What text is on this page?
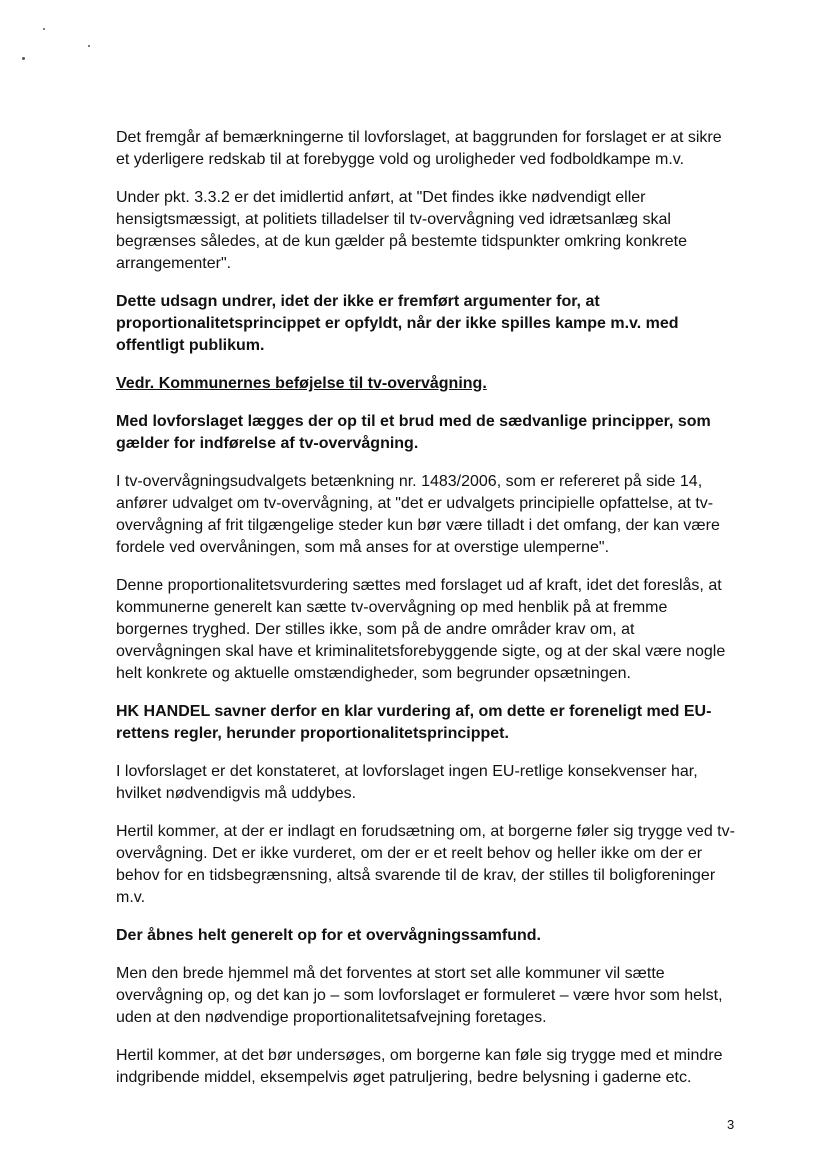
Det fremgår af bemærkningerne til lovforslaget, at baggrunden for forslaget er at sikre et yderligere redskab til at forebygge vold og uroligheder ved fodboldkampe m.v.

Under pkt. 3.3.2 er det imidlertid anført, at "Det findes ikke nødvendigt eller hensigtsmæssigt, at politiets tilladelser til tv-overvågning ved idrætsanlæg skal begrænses således, at de kun gælder på bestemte tidspunkter omkring konkrete arrangementer".

Dette udsagn undrer, idet der ikke er fremført argumenter for, at proportionalitetsprincippet er opfyldt, når der ikke spilles kampe m.v. med offentligt publikum.

Vedr. Kommunernes beføjelse til tv-overvågning.

Med lovforslaget lægges der op til et brud med de sædvanlige principper, som gælder for indførelse af tv-overvågning.

I tv-overvågningsudvalgets betænkning nr. 1483/2006, som er refereret på side 14, anfører udvalget om tv-overvågning, at "det er udvalgets principielle opfattelse, at tv-overvågning af frit tilgængelige steder kun bør være tilladt i det omfang, der kan være fordele ved overvåningen, som må anses for at overstige ulemperne".

Denne proportionalitetsvurdering sættes med forslaget ud af kraft, idet det foreslås, at kommunerne generelt kan sætte tv-overvågning op med henblik på at fremme borgernes tryghed. Der stilles ikke, som på de andre områder krav om, at overvågningen skal have et kriminalitetsforebyggende sigte, og at der skal være nogle helt konkrete og aktuelle omstændigheder, som begrunder opsætningen.

HK HANDEL savner derfor en klar vurdering af, om dette er foreneligt med EU-rettens regler, herunder proportionalitetsprincippet.

I lovforslaget er det konstateret, at lovforslaget ingen EU-retlige konsekvenser har, hvilket nødvendigvis må uddybes.

Hertil kommer, at der er indlagt en forudsætning om, at borgerne føler sig trygge ved tv-overvågning. Det er ikke vurderet, om der er et reelt behov og heller ikke om der er behov for en tidsbegrænsning, altså svarende til de krav, der stilles til boligforeninger m.v.

Der åbnes helt generelt op for et overvågningssamfund.

Men den brede hjemmel må det forventes at stort set alle kommuner vil sætte overvågning op, og det kan jo – som lovforslaget er formuleret – være hvor som helst, uden at den nødvendige proportionalitetsafvejning foretages.

Hertil kommer, at det bør undersøges, om borgerne kan føle sig trygge med et mindre indgribende middel, eksempelvis øget patruljering, bedre belysning i gaderne etc.

3
